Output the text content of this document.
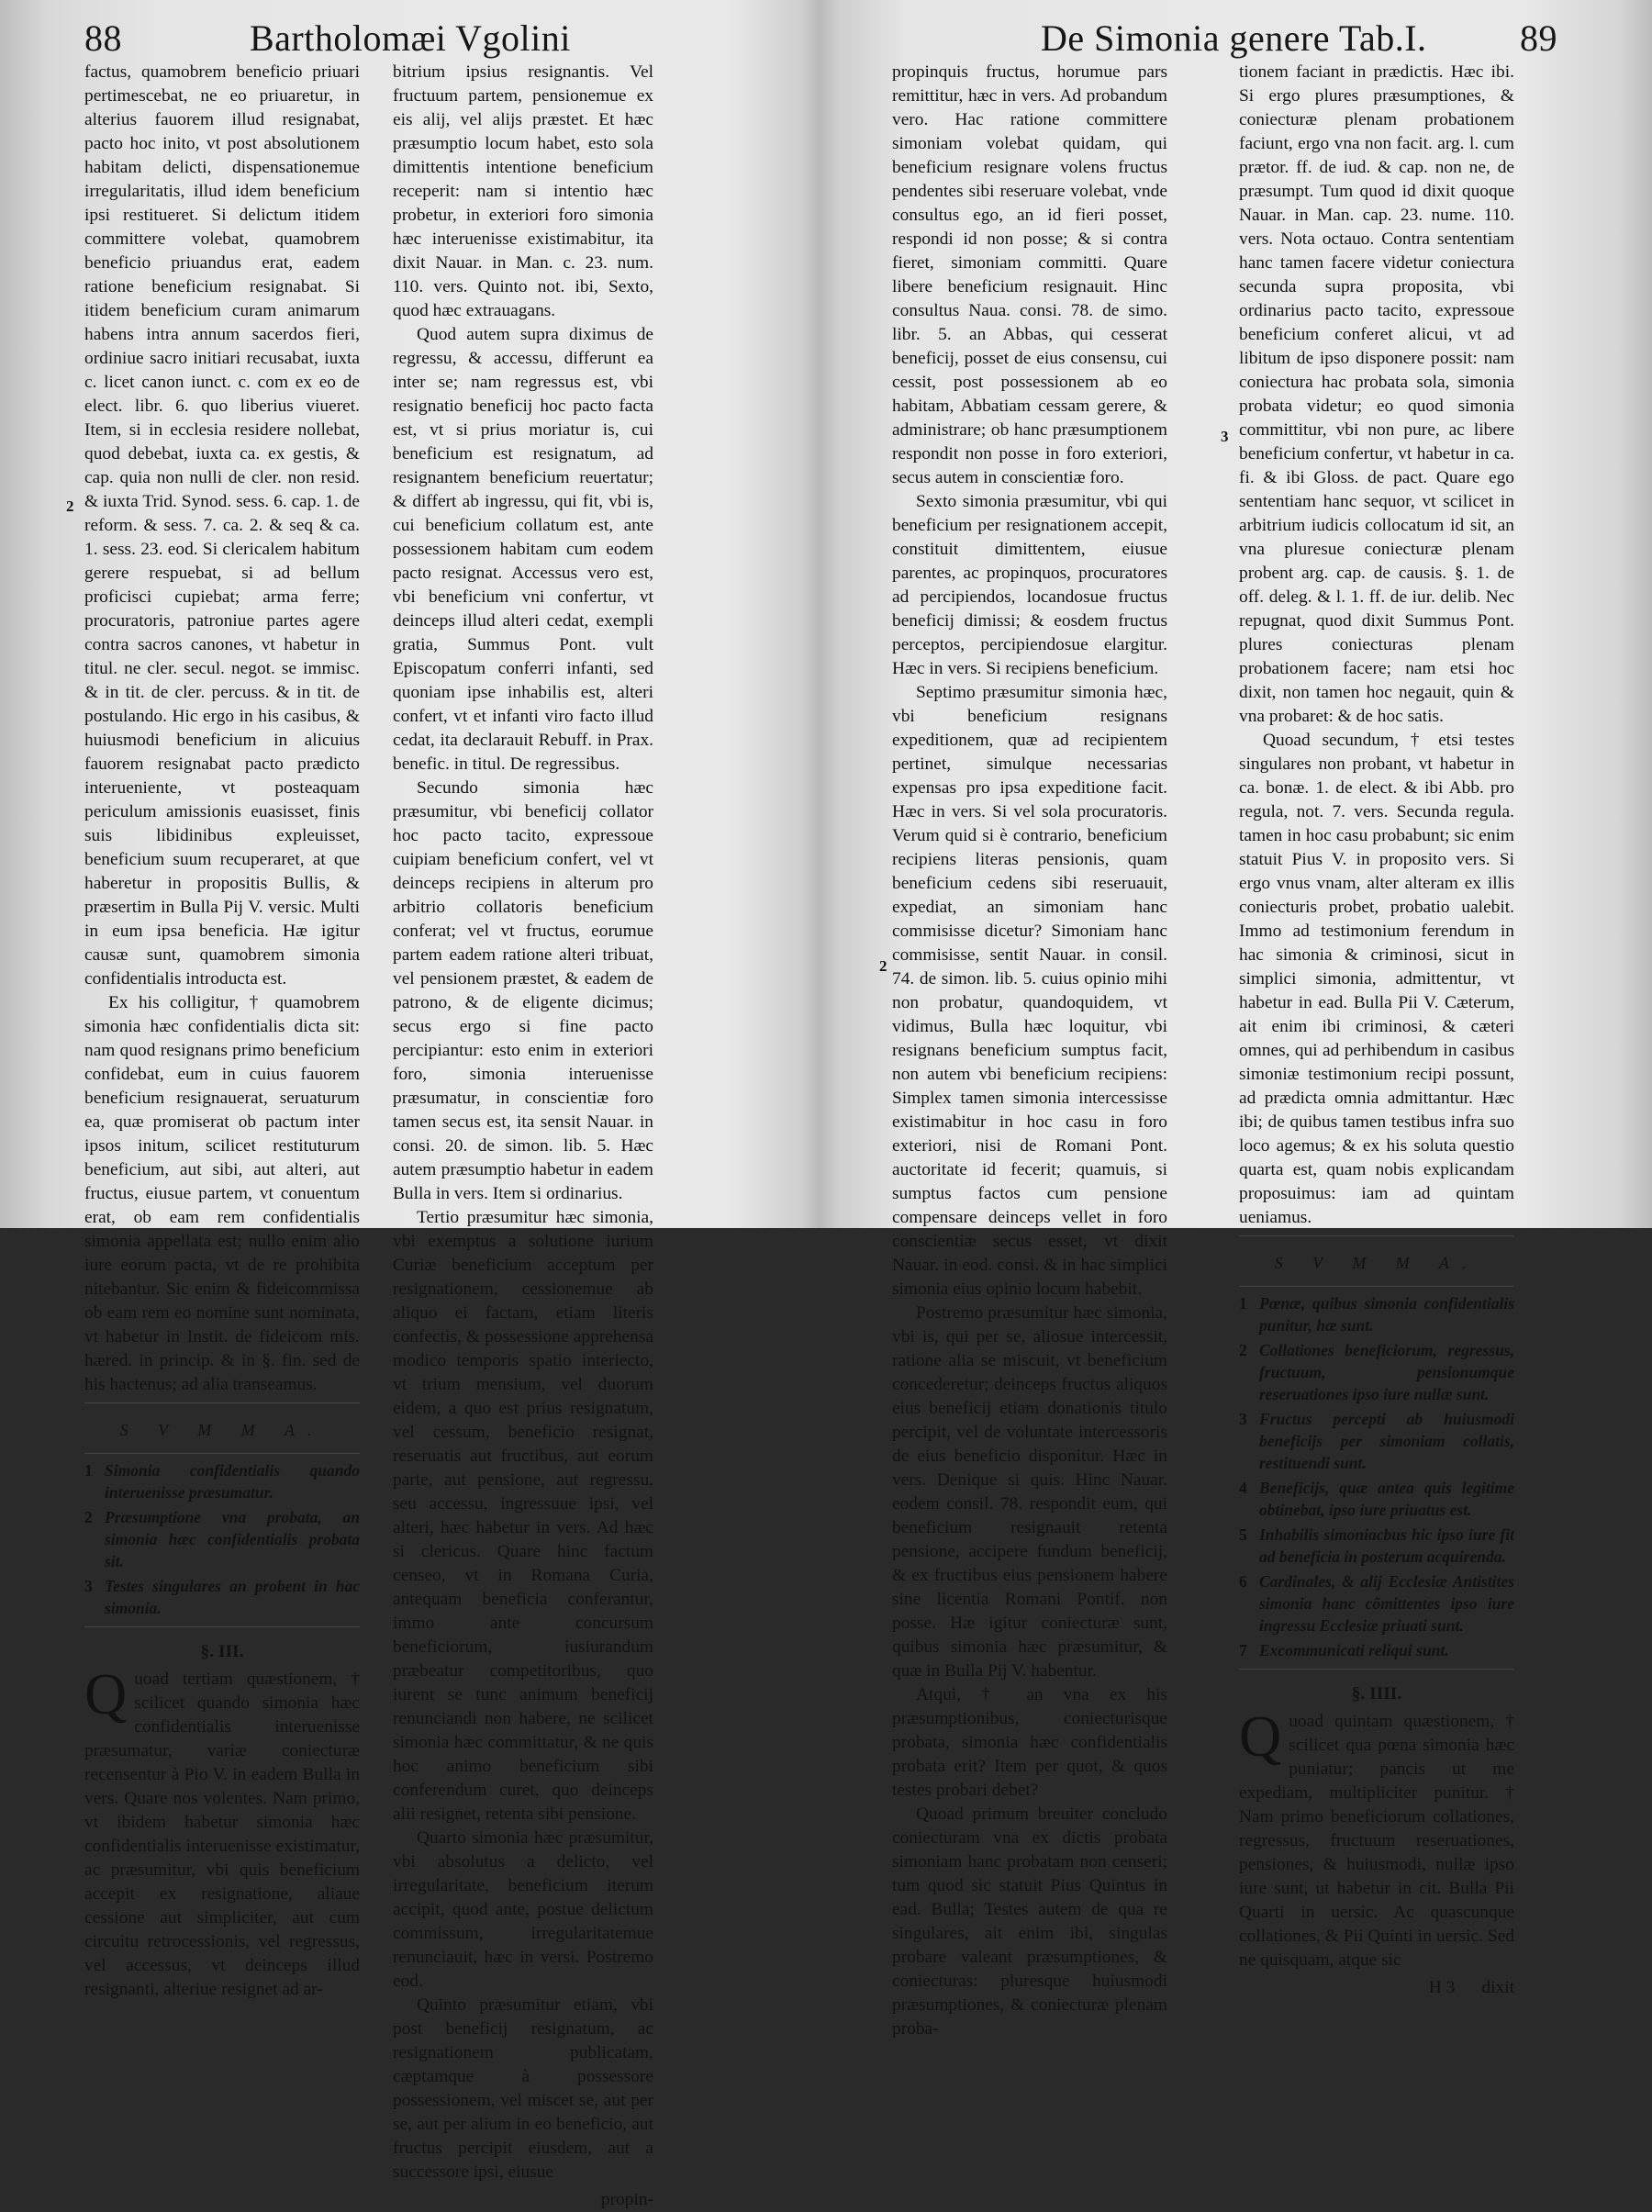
88	Bartholomæi Vgolini
2

factus, quamobrem beneficio priuari pertimescebat, ne eo priuaretur, in alterius fauorem illud resignabat, pacto hoc inito, vt post absolutionem habitam delicti, dispensationemue irregularitatis, illud idem beneficium ipsi restitueret. Si delictum itidem committere volebat, quamobrem beneficio priuandus erat, eadem ratione beneficium resignabat. Si itidem beneficium curam animarum habens intra annum sacerdos fieri, ordiniue sacro initiari recusabat, iuxta c. licet canon iunct. c. com ex eo de elect. libr. 6. quo liberius viueret. Item, si in ecclesia residere nollebat, quod debebat, iuxta ca. ex gestis, & cap. quia non nulli de cler. non resid. & iuxta Trid. Synod. sess. 6. cap. 1. de reform. & sess. 7. ca. 2. & seq & ca. 1. sess. 23. eod. Si clericalem habitum gerere respuebat, si ad bellum proficisci cupiebat; arma ferre; procuratoris, patroniue partes agere contra sacros canones, vt habetur in titul. ne cler. secul. negot. se immisc. & in tit. de cler. percuss. & in tit. de postulando. Hic ergo in his casibus, & huiusmodi beneficium in alicuius fauorem resignabat pacto prædicto interueniente, vt posteaquam periculum amissionis euasisset, finis suis libidinibus expleuisset, beneficium suum recuperaret, at que haberetur in propositis Bullis, & præsertim in Bulla Pij V. versic. Multi in eum ipsa beneficia. Hæ igitur causæ sunt, quamobrem simonia confidentialis introducta est.

Ex his colligitur, † quamobrem simonia hæc confidentialis dicta sit: nam quod resignans primo beneficium confidebat, eum in cuius fauorem beneficium resignauerat, seruaturum ea, quæ promiserat ob pactum inter ipsos initum, scilicet restituturum beneficium, aut sibi, aut alteri, aut fructus, eiusue partem, vt conuentum erat, ob eam rem confidentialis simonia appellata est; nullo enim alio iure eorum pacta, vt de re prohibita nitebantur. Sic enim & fideicommissa ob eam rem eo nomine sunt nominata, vt habetur in Instit. de fideicom mis. hæred. in princip. & in §. fin. sed de his hactenus; ad alia transeamus.

S V M M A.

1 Simonia confidentialis quando interuenisse præsumatur.
2 Præsumptione vna probata, an simonia hæc confidentialis probata sit.
3 Testes singulares an probent in hac simonia.

§. III.

Quoad tertiam quæstionem, † scilicet quando simonia hæc confidentialis interuenisse præsumatur, variæ coniecturæ recensentur à Pio V. in eadem Bulla in vers. Quare nos volentes. Nam primo, vt ibidem habetur simonia hæc confidentialis interuenisse existimatur, ac præsumitur, vbi quis beneficium accepit ex resignatione, aliaue cessione aut simpliciter, aut cum circuitu retrocessionis, vel regressus, vel accessus, vt deinceps illud resignanti, alteriue resignet ad ar-

bitrium ipsius resignantis. Vel fructuum partem, pensionemue ex eis alij, vel alijs præstet. Et hæc præsumptio locum habet, esto sola dimittentis intentione beneficium receperit: nam si intentio hæc probetur, in exteriori foro simonia hæc interuenisse existimabitur, ita dixit Nauar. in Man. c. 23. num. 110. vers. Quinto not. ibi, Sexto, quod hæc extrauagans.

Quod autem supra diximus de regressu, & accessu, differunt ea inter se; nam regressus est, vbi resignatio beneficij hoc pacto facta est, vt si prius moriatur is, cui beneficium est resignatum, ad resignantem beneficium reuertatur; & differt ab ingressu, qui fit, vbi is, cui beneficium collatum est, ante possessionem habitam cum eodem pacto resignat. Accessus vero est, vbi beneficium vni confertur, vt deinceps illud alteri cedat, exempli gratia, Summus Pont. vult Episcopatum conferri infanti, sed quoniam ipse inhabilis est, alteri confert, vt et infanti viro facto illud cedat, ita declarauit Rebuff. in Prax. benefic. in titul. De regressibus.

Secundo simonia hæc præsumitur, vbi beneficij collator hoc pacto tacito, expressoue cuipiam beneficium confert, vel vt deinceps recipiens in alterum pro arbitrio collatoris beneficium conferat; vel vt fructus, eorumue partem eadem ratione alteri tribuat, vel pensionem præstet, & eadem de patrono, & de eligente dicimus; secus ergo si fine pacto percipiantur: esto enim in exteriori foro, simonia interuenisse præsumatur, in conscientiæ foro tamen secus est, ita sensit Nauar. in consi. 20. de simon. lib. 5. Hæc autem præsumptio habetur in eadem Bulla in vers. Item si ordinarius.

Tertio præsumitur hæc simonia, vbi exemptus a solutione iurium Curiæ beneficium acceptum per resignationem, cessionemue ab aliquo ei factam, etiam literis confectis, & possessione apprehensa modico temporis spatio interiecto, vt trium mensium, vel duorum eidem, a quo est prius resignatum, vel cessum, beneficio resignat, reseruatis aut fructibus, aut eorum parte, aut pensione, aut regressu, seu accessu, ingressuue ipsi, vel alteri, hæc habetur in vers. Ad hæc si clericus. Quare hinc factum censeo, vt in Romana Curia, antequam beneficia conferantur, immo ante concursum beneficiorum, iusiurandum præbeatur competitoribus, quo iurent se tunc animum beneficij renunciandi non habere, ne scilicet simonia hæc committatur, & ne quis hoc animo beneficium sibi conferendum curet, quo deinceps alii resignet, retenta sibi pensione.

Quarto simonia hæc præsumitur, vbi absolutus a delicto, vel irregularitate, beneficium iterum accipit, quod ante, postue delictum commissum, irregularitatemue renunciauit, hæc in versi. Postremo eod.

Quinto præsumitur etiam, vbi post beneficij resignatum, ac resignationem publicatam, cæptamque à possessore possessionem, vel miscet se, aut per se, aut per alium in eo beneficio, aut fructus percipit eiusdem, aut a successore ipsi, eiusue

propin-

De Simonia genere Tab.I.	89
2
3

propinquis fructus, horumue pars remittitur, hæc in vers. Ad probandum vero. Hac ratione committere simoniam volebat quidam, qui beneficium resignare volens fructus pendentes sibi reseruare volebat, vnde consultus ego, an id fieri posset, respondi id non posse; & si contra fieret, simoniam committi. Quare libere beneficium resignauit. Hinc consultus Naua. consi. 78. de simo. libr. 5. an Abbas, qui cesserat beneficij, posset de eius consensu, cui cessit, post possessionem ab eo habitam, Abbatiam cessam gerere, & administrare; ob hanc præsumptionem respondit non posse in foro exteriori, secus autem in conscientiæ foro.

Sexto simonia præsumitur, vbi qui beneficium per resignationem accepit, constituit dimittentem, eiusue parentes, ac propinquos, procuratores ad percipiendos, locandosue fructus beneficij dimissi; & eosdem fructus perceptos, percipiendosue elargitur. Hæc in vers. Si recipiens beneficium.

Septimo præsumitur simonia hæc, vbi beneficium resignans expeditionem, quæ ad recipientem pertinet, simulque necessarias expensas pro ipsa expeditione facit. Hæc in vers. Si vel sola procuratoris. Verum quid si è contrario, beneficium recipiens literas pensionis, quam beneficium cedens sibi reseruauit, expediat, an simoniam hanc commisisse dicetur? Simoniam hanc commisisse, sentit Nauar. in consil. 74. de simon. lib. 5. cuius opinio mihi non probatur, quandoquidem, vt vidimus, Bulla hæc loquitur, vbi resignans beneficium sumptus facit, non autem vbi beneficium recipiens: Simplex tamen simonia intercessisse existimabitur in hoc casu in foro exteriori, nisi de Romani Pont. auctoritate id fecerit; quamuis, si sumptus factos cum pensione compensare deinceps vellet in foro conscientiæ secus esset, vt dixit Nauar. in eod. consi. & in hac simplici simonia eius opinio locum habebit.

Postremo præsumitur hæc simonia, vbi is, qui per se, aliosue intercessit, ratione alia se miscuit, vt beneficium concederetur; deinceps fructus aliquos eius beneficij etiam donationis titulo percipit, vel de voluntate intercessoris de eius beneficio disponitur. Hæc in vers. Denique si quis. Hinc Nauar. eodem consil. 78. respondit eum, qui beneficium resignauit retenta pensione, accipere fundum beneficij, & ex fructibus eius pensionem habere sine licentia Romani Pontif. non posse. Hæ igitur coniecturæ sunt, quibus simonia hæc præsumitur, & quæ in Bulla Pij V. habentur.

Atqui, † an vna ex his præsumptionibus, coniecturisque probata, simonia hæc confidentialis probata erit? Item per quot, & quos testes probari debet?

Quoad primum breuiter concludo coniecturam vna ex dictis probata simoniam hanc probatam non censeri; tum quod sic statuit Pius Quintus in ead. Bulla; Testes autem de qua re singulares, ait enim ibi, singulas probare valeant præsumptiones, & coniecturas: pluresque huiusmodi præsumptiones, & coniecturæ plenam proba-

tionem faciant in prædictis. Hæc ibi. Si ergo plures præsumptiones, & coniecturæ plenam probationem faciunt, ergo vna non facit. arg. l. cum prætor. ff. de iud. & cap. non ne, de præsumpt. Tum quod id dixit quoque Nauar. in Man. cap. 23. nume. 110. vers. Nota octauo. Contra sententiam hanc tamen facere videtur coniectura secunda supra proposita, vbi ordinarius pacto tacito, expressoue beneficium conferet alicui, vt ad libitum de ipso disponere possit: nam coniectura hac probata sola, simonia probata videtur; eo quod simonia committitur, vbi non pure, ac libere beneficium confertur, vt habetur in ca. fi. & ibi Gloss. de pact. Quare ego sententiam hanc sequor, vt scilicet in arbitrium iudicis collocatum id sit, an vna pluresue coniecturæ plenam probent arg. cap. de causis. §. 1. de off. deleg. & l. 1. ff. de iur. delib. Nec repugnat, quod dixit Summus Pont. plures coniecturas plenam probationem facere; nam etsi hoc dixit, non tamen hoc negauit, quin & vna probaret: & de hoc satis.

Quoad secundum, † etsi testes singulares non probant, vt habetur in ca. bonæ. 1. de elect. & ibi Abb. pro regula, not. 7. vers. Secunda regula. tamen in hoc casu probabunt; sic enim statuit Pius V. in proposito vers. Si ergo vnus vnam, alter alteram ex illis coniecturis probet, probatio ualebit. Immo ad testimonium ferendum in hac simonia & criminosi, sicut in simplici simonia, admittentur, vt habetur in ead. Bulla Pii V. Cæterum, ait enim ibi criminosi, & cæteri omnes, qui ad perhibendum in casibus simoniæ testimonium recipi possunt, ad prædicta omnia admittantur. Hæc ibi; de quibus tamen testibus infra suo loco agemus; & ex his soluta questio quarta est, quam nobis explicandam proposuimus: iam ad quintam ueniamus.

S V M M A.

1 Pœnæ, quibus simonia confidentialis punitur, hæ sunt.
2 Collationes beneficiorum, regressus, fructuum, pensionumque reseruationes ipso iure nullæ sunt.
3 Fructus percepti ab huiusmodi beneficijs per simoniam collatis, restituendi sunt.
4 Beneficijs, quæ antea quis legitime obtinebat, ipso iure priuatus est.
5 Inhabilis simoniacbus hic ipso iure fit ad beneficia in posterum acquirenda.
6 Cardinales, & alij Ecclesiæ Antistites simonia hanc cõmittentes ipso iure ingressu Ecclesiæ priuati sunt.
7 Excommunicati reliqui sunt.

§. IIII.

Quoad quintam quæstionem, † scilicet qua pœna simonia hæc puniatur; pancis ut me expediam, multipliciter punitur. † Nam primo beneficiorum collationes, regressus, fructuum reseruationes, pensiones, & huiusmodi, nullæ ipso iure sunt, ut habetur in cit. Bulla Pii Quarti in uersic. Ac quascunque collationes, & Pii Quinti in uersic. Sed ne quisquam, atque sic

H 3 dixit
